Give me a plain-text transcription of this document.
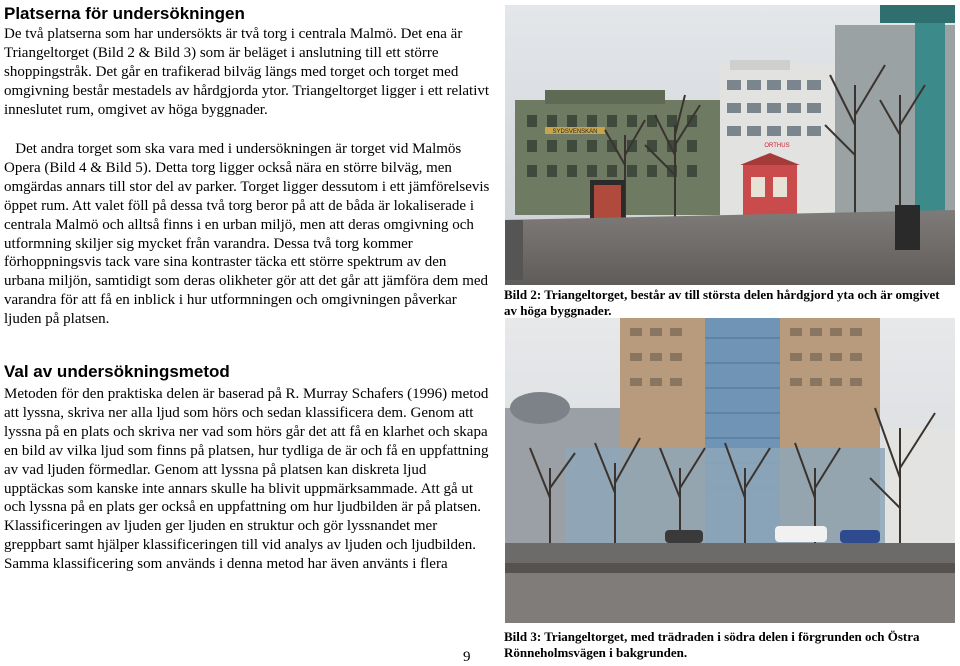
Platserna för undersökningen

De två platserna som har undersökts är två torg i centrala Malmö. Det ena är Triangeltorget (Bild 2 & Bild 3) som är beläget i anslutning till ett större shoppingstråk. Det går en trafikerad bilväg längs med torget och torget med omgivning består mestadels av hårdgjorda ytor. Triangeltorget ligger i ett relativt inneslutet rum, omgivet av höga byggnader.

Det andra torget som ska vara med i undersökningen är torget vid Malmös Opera (Bild 4 & Bild 5). Detta torg ligger också nära en större bilväg, men omgärdas annars till stor del av parker. Torget ligger dessutom i ett jämförelsevis öppet rum. Att valet föll på dessa två torg beror på att de båda är lokaliserade i centrala Malmö och alltså finns i en urban miljö, men att deras omgivning och utformning skiljer sig mycket från varandra. Dessa två torg kommer förhoppningsvis tack vare sina kontraster täcka ett större spektrum av den urbana miljön, samtidigt som deras olikheter gör att det går att jämföra dem med varandra för att få en inblick i hur utformningen och omgivningen påverkar ljuden på platsen.

Val av undersökningsmetod

Metoden för den praktiska delen är baserad på R. Murray Schafers (1996) metod att lyssna, skriva ner alla ljud som hörs och sedan klassificera dem. Genom att lyssna på en plats och skriva ner vad som hörs går det att få en klarhet och skapa en bild av vilka ljud som finns på platsen, hur tydliga de är och få en uppfattning av vad ljuden förmedlar. Genom att lyssna på platsen kan diskreta ljud upptäckas som kanske inte annars skulle ha blivit uppmärksammade. Att gå ut och lyssna på en plats ger också en uppfattning om hur ljudbilden är på platsen. Klassificeringen av ljuden ger ljuden en struktur och gör lyssnandet mer greppbart samt hjälper klassificeringen till vid analys av ljuden och ljudbilden. Samma klassificering som används i denna metod har även använts i flera

SYDSVENSKAN
ORTHUS

Bild 2: Triangeltorget, består av till största delen hårdgjord yta och är omgivet av höga byggnader.

Bild 3: Triangeltorget, med trädraden i södra delen i förgrunden och Östra Rönneholmsvägen i bakgrunden.

9
